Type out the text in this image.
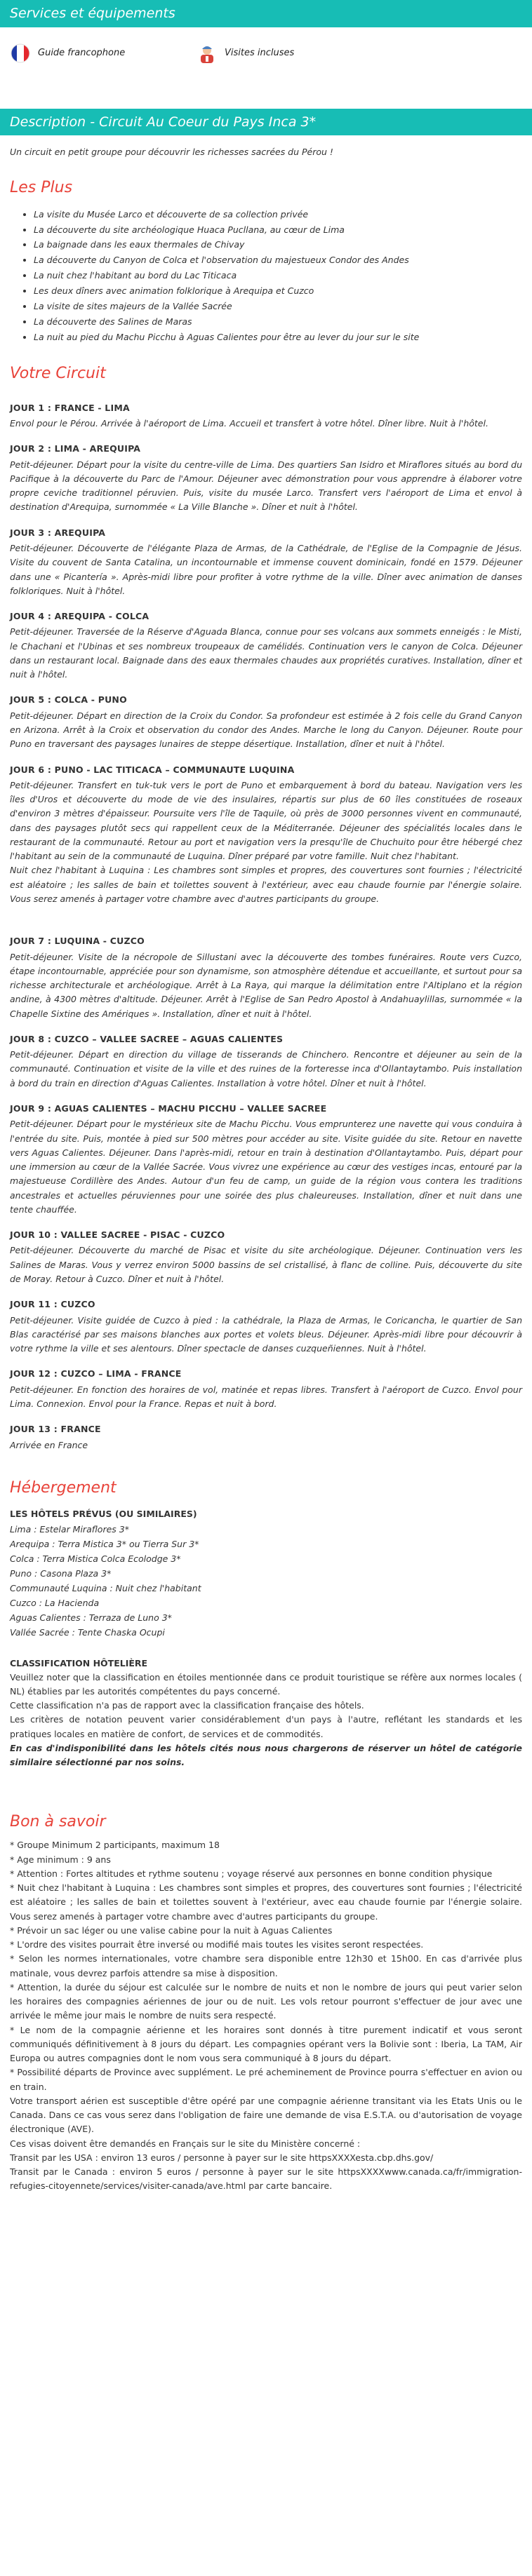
Services et équipements
Guide francophone	Visites incluses
Description - Circuit Au Coeur du Pays Inca 3*
Un circuit en petit groupe pour découvrir les richesses sacrées du Pérou !
Les Plus
• La visite du Musée Larco et découverte de sa collection privée
• La découverte du site archéologique Huaca Pucllana, au cœur de Lima
• La baignade dans les eaux thermales de Chivay
• La découverte du Canyon de Colca et l'observation du majestueux Condor des Andes
• La nuit chez l'habitant au bord du Lac Titicaca
• Les deux dîners avec animation folklorique à Arequipa et Cuzco
• La visite de sites majeurs de la Vallée Sacrée
• La découverte des Salines de Maras
• La nuit au pied du Machu Picchu à Aguas Calientes pour être au lever du jour sur le site
Votre Circuit
JOUR 1 : FRANCE - LIMA

Envol pour le Pérou. Arrivée à l'aéroport de Lima. Accueil et transfert à votre hôtel. Dîner libre. Nuit à l'hôtel.

JOUR 2 : LIMA - AREQUIPA

Petit-déjeuner. Départ pour la visite du centre-ville de Lima. Des quartiers San Isidro et Miraflores situés au bord du Pacifique à la découverte du Parc de l'Amour. Déjeuner avec démonstration pour vous apprendre à élaborer votre propre ceviche traditionnel péruvien. Puis, visite du musée Larco. Transfert vers l'aéroport de Lima et envol à destination d'Arequipa, surnommée « La Ville Blanche ». Dîner et nuit à l'hôtel.

JOUR 3 : AREQUIPA

Petit-déjeuner. Découverte de l'élégante Plaza de Armas, de la Cathédrale, de l'Eglise de la Compagnie de Jésus. Visite du couvent de Santa Catalina, un incontournable et immense couvent dominicain, fondé en 1579. Déjeuner dans une « Picantería ». Après-midi libre pour profiter à votre rythme de la ville. Dîner avec animation de danses folkloriques. Nuit à l'hôtel.

JOUR 4 : AREQUIPA - COLCA

Petit-déjeuner. Traversée de la Réserve d'Aguada Blanca, connue pour ses volcans aux sommets enneigés : le Misti, le Chachani et l'Ubinas et ses nombreux troupeaux de camélidés. Continuation vers le canyon de Colca. Déjeuner dans un restaurant local. Baignade dans des eaux thermales chaudes aux propriétés curatives. Installation, dîner et nuit à l'hôtel.

JOUR 5 : COLCA - PUNO

Petit-déjeuner. Départ en direction de la Croix du Condor. Sa profondeur est estimée à 2 fois celle du Grand Canyon en Arizona. Arrêt à la Croix et observation du condor des Andes. Marche le long du Canyon. Déjeuner. Route pour Puno en traversant des paysages lunaires de steppe désertique. Installation, dîner et nuit à l'hôtel.

JOUR 6 : PUNO - LAC TITICACA – COMMUNAUTE LUQUINA

Petit-déjeuner. Transfert en tuk-tuk vers le port de Puno et embarquement à bord du bateau. Navigation vers les îles d'Uros et découverte du mode de vie des insulaires, répartis sur plus de 60 îles constituées de roseaux d'environ 3 mètres d'épaisseur. Poursuite vers l'île de Taquile, où près de 3000 personnes vivent en communauté, dans des paysages plutôt secs qui rappellent ceux de la Méditerranée. Déjeuner des spécialités locales dans le restaurant de la communauté. Retour au port et navigation vers la presqu'île de Chuchuito pour être hébergé chez l'habitant au sein de la communauté de Luquina. Dîner préparé par votre famille. Nuit chez l'habitant.
Nuit chez l'habitant à Luquina : Les chambres sont simples et propres, des couvertures sont fournies ; l'électricité est aléatoire ; les salles de bain et toilettes souvent à l'extérieur, avec eau chaude fournie par l'énergie solaire. Vous serez amenés à partager votre chambre avec d'autres participants du groupe.

JOUR 7 : LUQUINA - CUZCO

Petit-déjeuner. Visite de la nécropole de Sillustani avec la découverte des tombes funéraires. Route vers Cuzco, étape incontournable, appréciée pour son dynamisme, son atmosphère détendue et accueillante, et surtout pour sa richesse architecturale et archéologique. Arrêt à La Raya, qui marque la délimitation entre l'Altiplano et la région andine, à 4300 mètres d'altitude. Déjeuner. Arrêt à l'Eglise de San Pedro Apostol à Andahuaylillas, surnommée « la Chapelle Sixtine des Amériques ». Installation, dîner et nuit à l'hôtel.

JOUR 8 : CUZCO – VALLEE SACREE – AGUAS CALIENTES

Petit-déjeuner. Départ en direction du village de tisserands de Chinchero. Rencontre et déjeuner au sein de la communauté. Continuation et visite de la ville et des ruines de la forteresse inca d'Ollantaytambo. Puis installation à bord du train en direction d'Aguas Calientes. Installation à votre hôtel. Dîner et nuit à l'hôtel.

JOUR 9 : AGUAS CALIENTES – MACHU PICCHU – VALLEE SACREE

Petit-déjeuner. Départ pour le mystérieux site de Machu Picchu. Vous emprunterez une navette qui vous conduira à l'entrée du site. Puis, montée à pied sur 500 mètres pour accéder au site. Visite guidée du site. Retour en navette vers Aguas Calientes. Déjeuner. Dans l'après-midi, retour en train à destination d'Ollantaytambo. Puis, départ pour une immersion au cœur de la Vallée Sacrée. Vous vivrez une expérience au cœur des vestiges incas, entouré par la majestueuse Cordillère des Andes. Autour d'un feu de camp, un guide de la région vous contera les traditions ancestrales et actuelles péruviennes pour une soirée des plus chaleureuses. Installation, dîner et nuit dans une tente chauffée.

JOUR 10 : VALLEE SACREE - PISAC - CUZCO

Petit-déjeuner. Découverte du marché de Pisac et visite du site archéologique. Déjeuner. Continuation vers les Salines de Maras. Vous y verrez environ 5000 bassins de sel cristallisé, à flanc de colline. Puis, découverte du site de Moray. Retour à Cuzco. Dîner et nuit à l'hôtel.

JOUR 11 : CUZCO

Petit-déjeuner. Visite guidée de Cuzco à pied : la cathédrale, la Plaza de Armas, le Coricancha, le quartier de San Blas caractérisé par ses maisons blanches aux portes et volets bleus. Déjeuner. Après-midi libre pour découvrir à votre rythme la ville et ses alentours. Dîner spectacle de danses cuzqueñiennes. Nuit à l'hôtel.

JOUR 12 : CUZCO – LIMA - FRANCE

Petit-déjeuner. En fonction des horaires de vol, matinée et repas libres. Transfert à l'aéroport de Cuzco. Envol pour Lima. Connexion. Envol pour la France. Repas et nuit à bord.

JOUR 13 : FRANCE

Arrivée en France

Hébergement
LES HÔTELS PRÉVUS (OU SIMILAIRES)
Lima : Estelar Miraflores 3*
Arequipa : Terra Mistica 3* ou Tierra Sur 3*
Colca : Terra Mistica Colca Ecolodge 3*
Puno : Casona Plaza 3*
Communauté Luquina : Nuit chez l'habitant
Cuzco : La Hacienda
Aguas Calientes : Terraza de Luno 3*
Vallée Sacrée : Tente Chaska Ocupi
CLASSIFICATION HÔTELIÈRE

Veuillez noter que la classification en étoiles mentionnée dans ce produit touristique se réfère aux normes locales ( NL) établies par les autorités compétentes du pays concerné.
Cette classification n'a pas de rapport avec la classification française des hôtels.
Les critères de notation peuvent varier considérablement d'un pays à l'autre, reflétant les standards et les pratiques locales en matière de confort, de services et de commodités.

En cas d'indisponibilité dans les hôtels cités nous nous chargerons de réserver un hôtel de catégorie similaire sélectionné par nos soins.

Bon à savoir

* Groupe Minimum 2 participants, maximum 18
* Age minimum : 9 ans
* Attention : Fortes altitudes et rythme soutenu ; voyage réservé aux personnes en bonne condition physique
* Nuit chez l'habitant à Luquina : Les chambres sont simples et propres, des couvertures sont fournies ; l'électricité est aléatoire ; les salles de bain et toilettes souvent à l'extérieur, avec eau chaude fournie par l'énergie solaire. Vous serez amenés à partager votre chambre avec d'autres participants du groupe.
* Prévoir un sac léger ou une valise cabine pour la nuit à Aguas Calientes
* L'ordre des visites pourrait être inversé ou modifié mais toutes les visites seront respectées.
* Selon les normes internationales, votre chambre sera disponible entre 12h30 et 15h00. En cas d'arrivée plus matinale, vous devrez parfois attendre sa mise à disposition.
* Attention, la durée du séjour est calculée sur le nombre de nuits et non le nombre de jours qui peut varier selon les horaires des compagnies aériennes de jour ou de nuit. Les vols retour pourront s'effectuer de jour avec une arrivée le même jour mais le nombre de nuits sera respecté.
* Le nom de la compagnie aérienne et les horaires sont donnés à titre purement indicatif et vous seront communiqués définitivement à 8 jours du départ. Les compagnies opérant vers la Bolivie sont : Iberia, La TAM, Air Europa ou autres compagnies dont le nom vous sera communiqué à 8 jours du départ.
* Possibilité départs de Province avec supplément. Le pré acheminement de Province pourra s'effectuer en avion ou en train.
Votre transport aérien est susceptible d'être opéré par une compagnie aérienne transitant via les Etats Unis ou le Canada. Dans ce cas vous serez dans l'obligation de faire une demande de visa E.S.T.A. ou d'autorisation de voyage électronique (AVE).
Ces visas doivent être demandés en Français sur le site du Ministère concerné :
Transit par les USA : environ 13 euros / personne à payer sur le site httpsXXXXesta.cbp.dhs.gov/
Transit par le Canada : environ 5 euros / personne à payer sur le site httpsXXXXwww.canada.ca/fr/immigration-refugies-citoyennete/services/visiter-canada/ave.html par carte bancaire.
